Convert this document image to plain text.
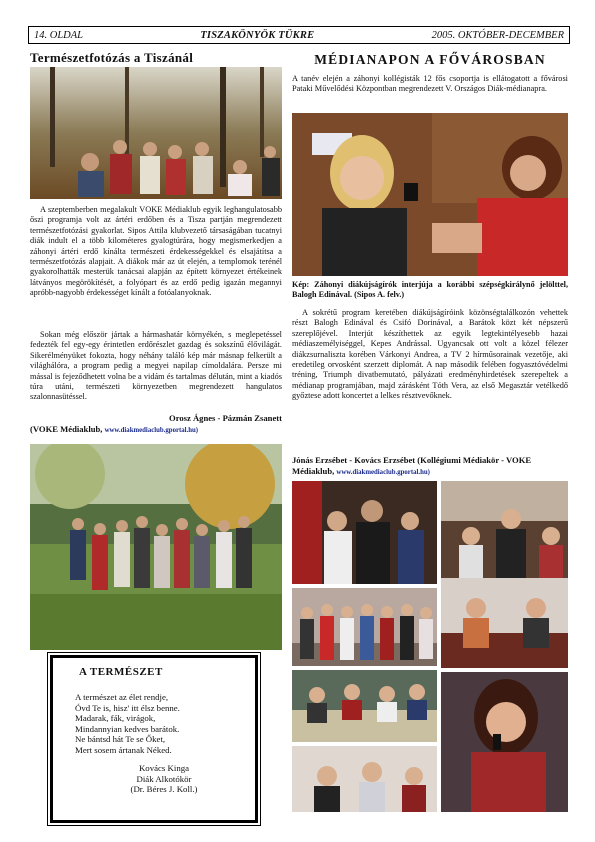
14. OLDAL	TISZAKÖNYÖK TÜKRE	2005. OKTÓBER-DECEMBER
Természetfotózás a Tiszánál
A szeptemberben megalakult VOKE Médiaklub egyik leghangulatosabb őszi programja volt az ártéri erdőben és a Tisza partján megrendezett természetfotózási gyakorlat. Sipos Attila klubvezető társaságában tucatnyi diák indult el a több kilométeres gyalogtúrára, hogy megismerkedjen a záhonyi ártéri erdő kínálta természeti érdekességekkel és elsajátítsa a természetfotózás alapjait. A diákok már az út elején, a templomok terénél gyakorolhatták mesterük tanácsai alapján az épített környezet értékeinek látványos megörökítését, a folyópart és az erdő pedig igazán megannyi apróbb-nagyobb érdekességet kínált a fotóalanyoknak.
Sokan még először jártak a hármashatár környékén, s meglepetéssel fedezték fel egy-egy érintetlen erdőrészlet gazdag és sokszínű élővilágát. Sikerélményüket fokozta, hogy néhány találó kép már másnap felkerült a világhálóra, a program pedig a megyei napilap címoldalára. Persze mi mással is fejeződhetett volna be a vidám és tartalmas délután, mint a kiadós túra utáni, természeti környezetben megrendezett hangulatos szalonnasütéssel.
Orosz Ágnes - Pázmán Zsanett
(VOKE Médiaklub, www.diakmediaclub.gportal.hu)
A TERMÉSZET
A természet az élet rendje,
Óvd Te is, hisz' itt élsz benne.
Madarak, fák, virágok,
Mindannyian kedves barátok.
Ne bántsd hát Te se Őket,
Mert sosem ártanak Néked.
Kovács Kinga
Diák Alkotókör
(Dr. Béres J. Koll.)
MÉDIANAPON A FŐVÁROSBAN
A tanév elején a záhonyi kollégisták 12 fős csoportja is ellátogatott a fővárosi Pataki Művelődési Központban megrendezett V. Országos Diák-médianapra.
Kép: Záhonyi diákújságírók interjúja a korábbi szépségkirálynő jelölttel, Balogh Edinával. (Sipos A. felv.)
A sokrétű program keretében diákújságíróink közönségtalálkozón vehettek részt Balogh Edinával és Csifó Dorinával, a Barátok közt két népszerű szereplőjével. Interjút készíthettek az egyik legtekintélyesebb hazai médiaszemélyiséggel, Kepes Andrással. Ugyancsak ott volt a közel félezer diákzsurnaliszta korében Várkonyi Andrea, a TV 2 hírműsorainak vezetője, aki eredetileg orvosként szerzett diplomát. A nap második felében fogyasztóvédelmi tréning, Triumph divatbemutató, pályázati eredményhirdetések szerepeltek a médianap programjában, majd zárásként Tóth Vera, az első Megasztár vetélkedő győztese adott koncertet a lelkes résztvevőknek.
Jónás Erzsébet - Kovács Erzsébet (Kollégiumi Médiakör - VOKE Médiaklub, www.diakmediaclub.gportal.hu)
